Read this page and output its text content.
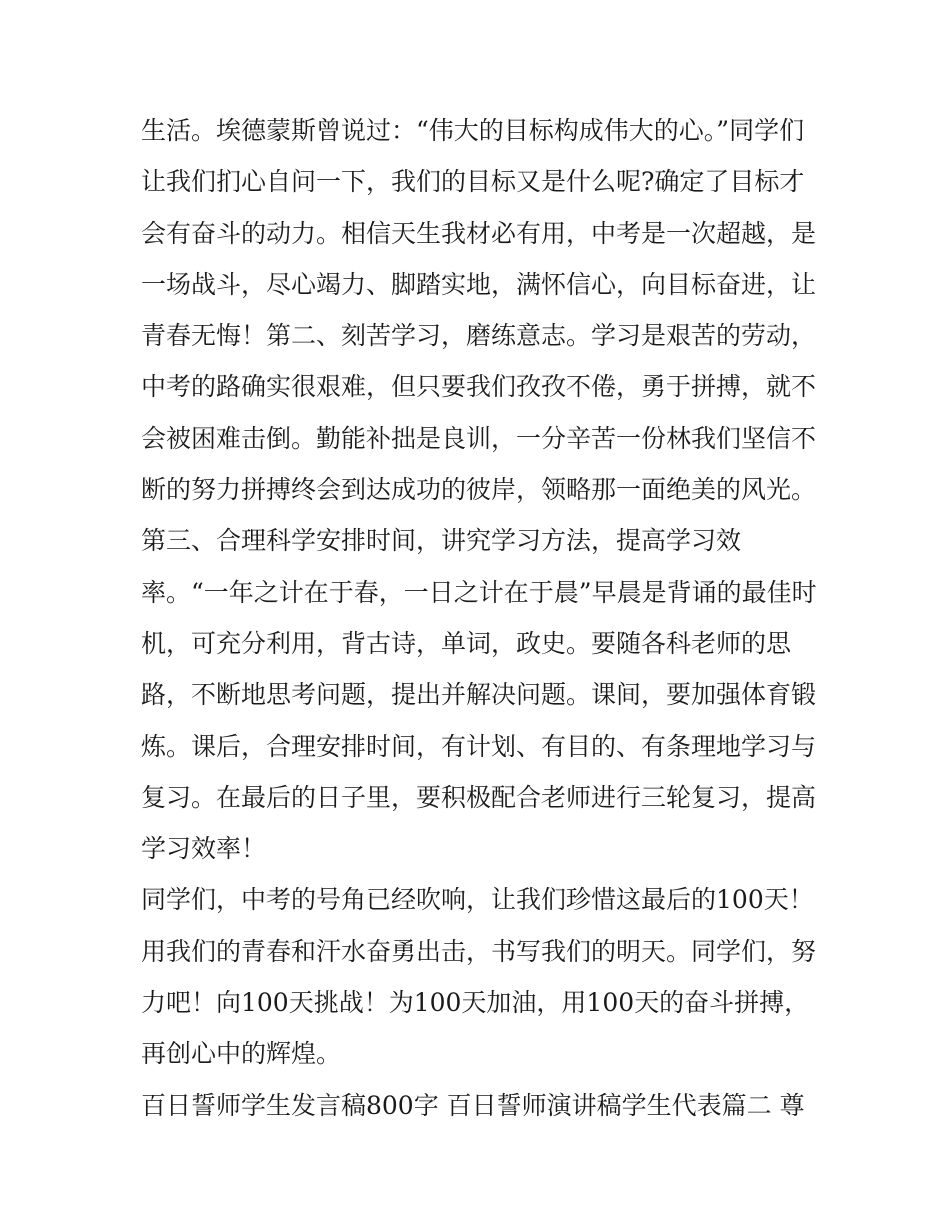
生活。埃德蒙斯曾说过：“伟大的目标构成伟大的心。”同学们
让我们扪心自问一下，我们的目标又是什么呢?确定了目标才
会有奋斗的动力。相信天生我材必有用，中考是一次超越，是
一场战斗，尽心竭力、脚踏实地，满怀信心，向目标奋进，让
青春无悔！第二、刻苦学习，磨练意志。学习是艰苦的劳动，
中考的路确实很艰难，但只要我们孜孜不倦，勇于拼搏，就不
会被困难击倒。勤能补拙是良训，一分辛苦一份林我们坚信不
断的努力拼搏终会到达成功的彼岸，领略那一面绝美的风光。
第三、合理科学安排时间，讲究学习方法，提高学习效
率。“一年之计在于春，一日之计在于晨”早晨是背诵的最佳时
机，可充分利用，背古诗，单词，政史。要随各科老师的思
路，不断地思考问题，提出并解决问题。课间，要加强体育锻
炼。课后，合理安排时间，有计划、有目的、有条理地学习与
复习。在最后的日子里，要积极配合老师进行三轮复习，提高
学习效率！
同学们，中考的号角已经吹响，让我们珍惜这最后的100天！
用我们的青春和汗水奋勇出击，书写我们的明天。同学们，努
力吧！向100天挑战！为100天加油，用100天的奋斗拼搏，
再创心中的辉煌。
百日誓师学生发言稿800字 百日誓师演讲稿学生代表篇二 尊
